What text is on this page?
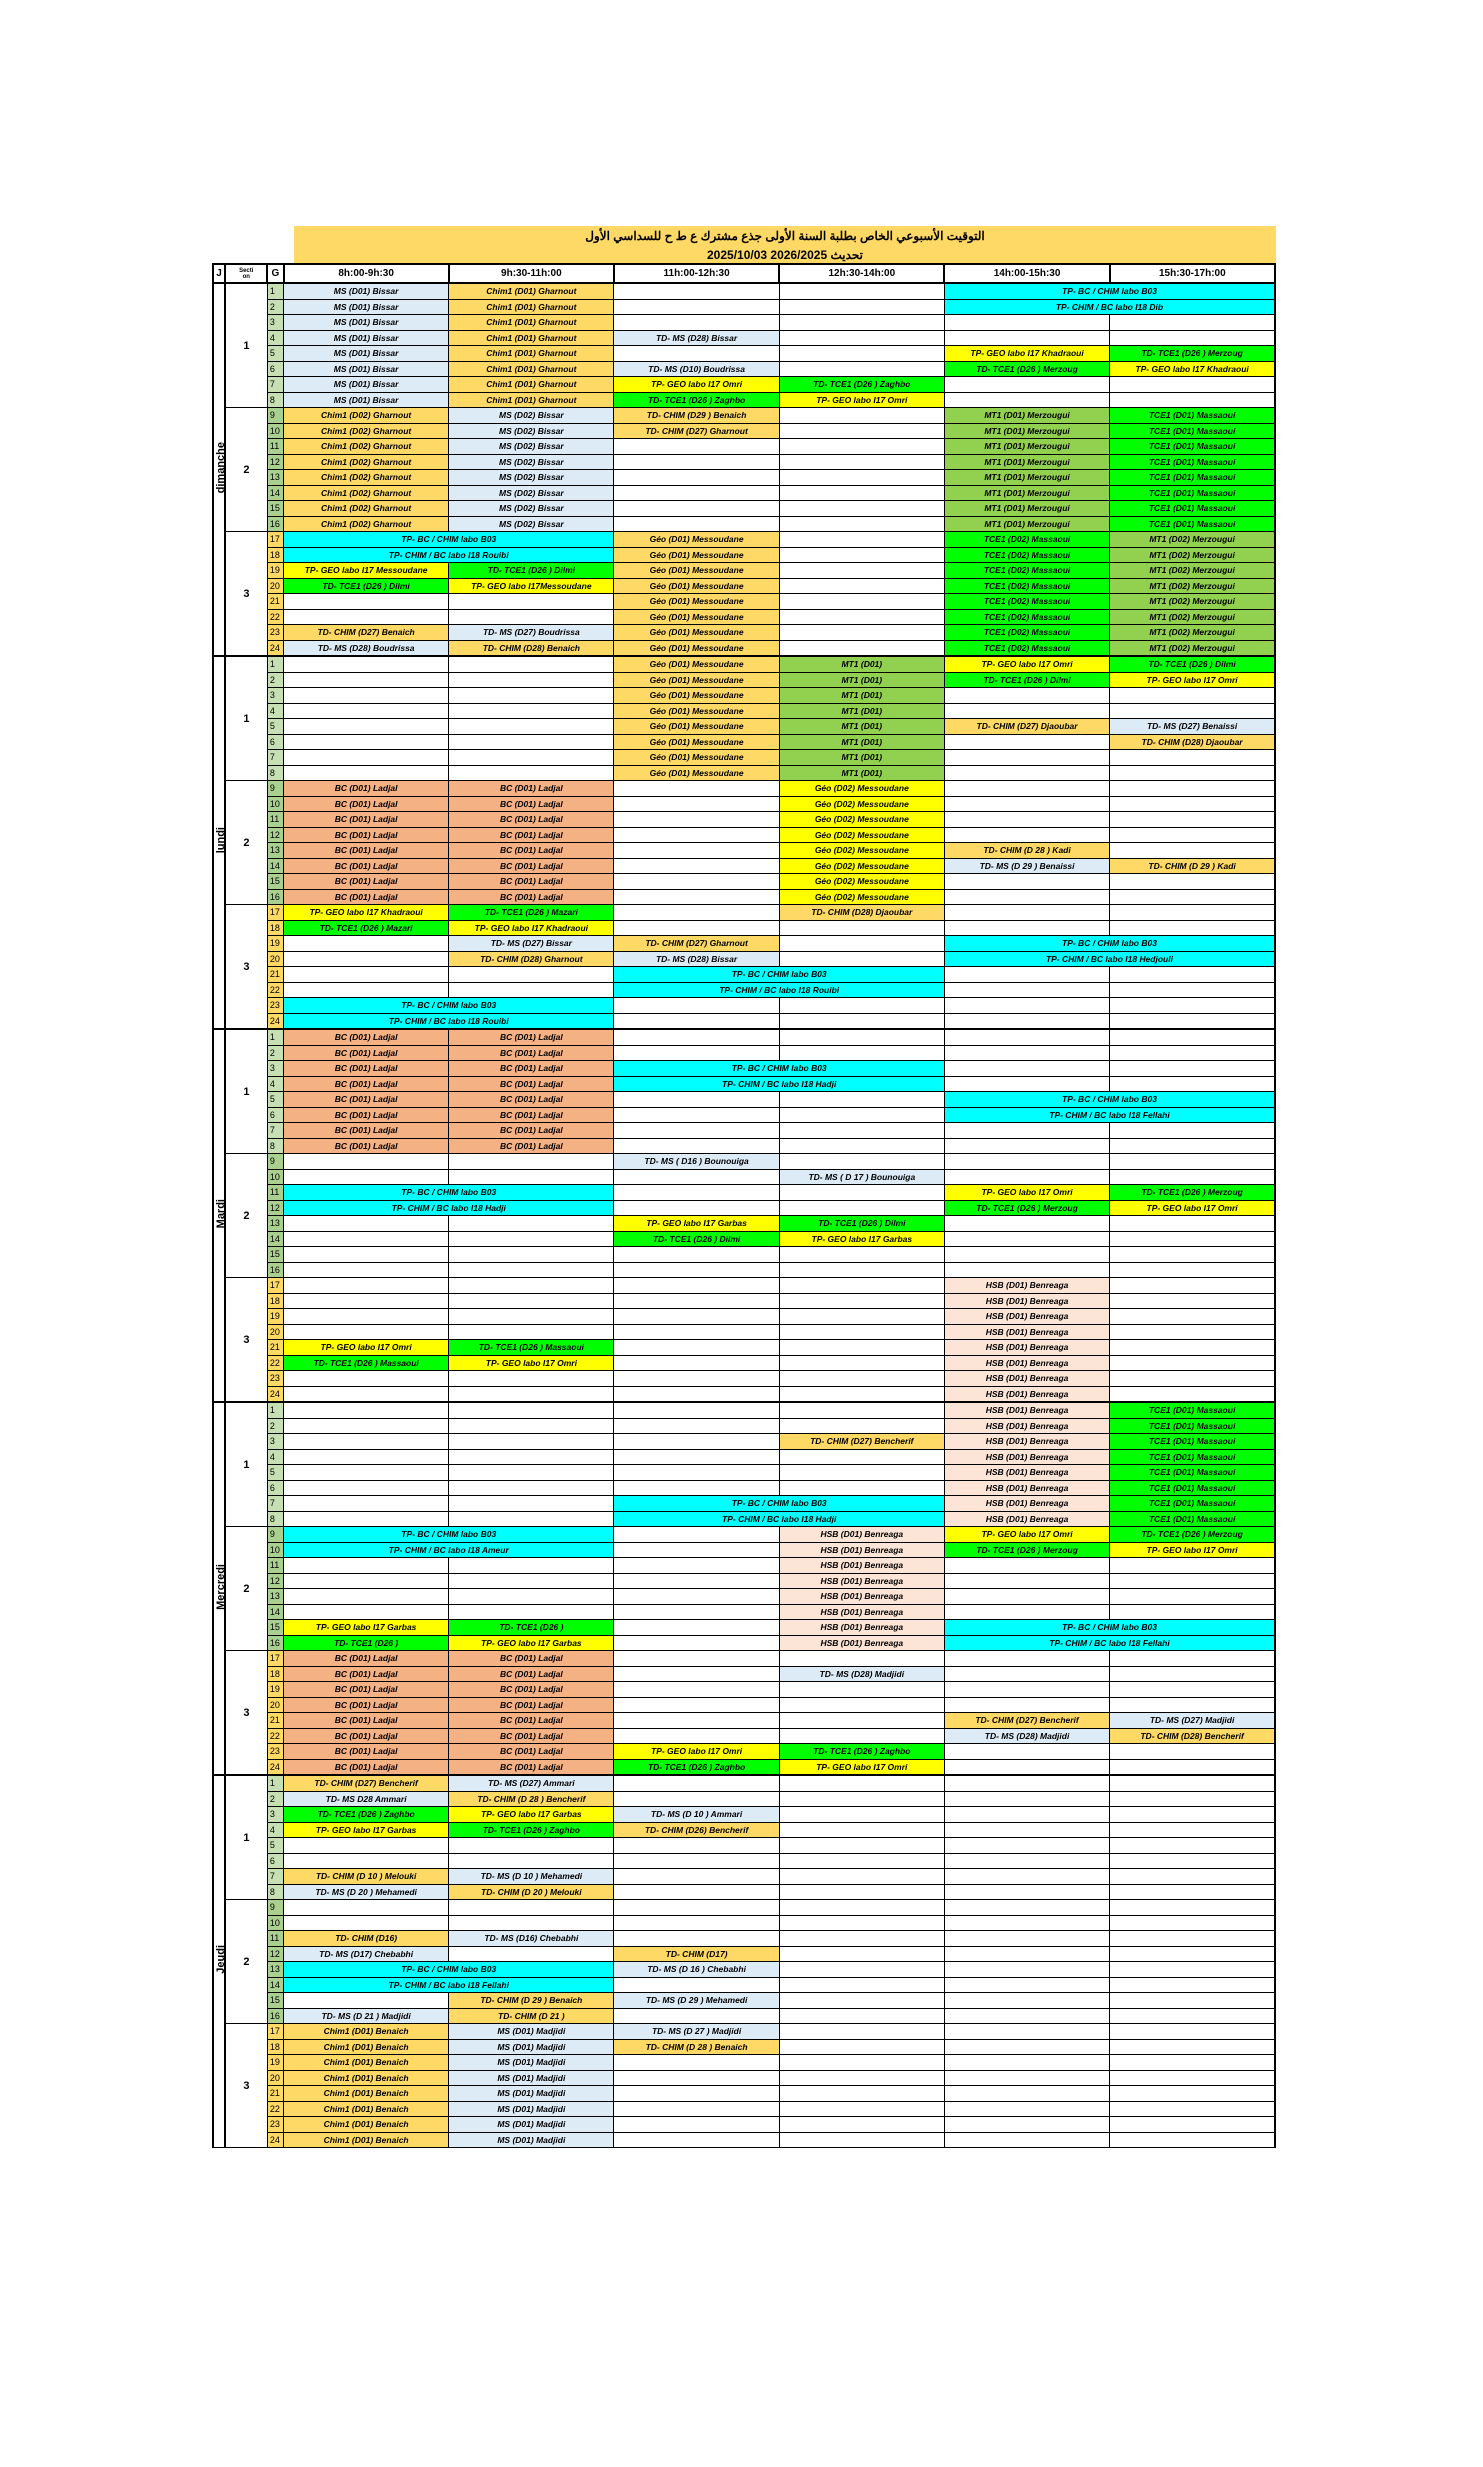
التوقيت الأسبوعي الخاص بطلبة السنة الأولى جذع مشترك ع ط ح للسداسي الأول
2025/10/03 تحديث 2026/2025
J	Secti
on	G	8h:00-9h:30	9h:30-11h:00	11h:00-12h:30	12h:30-14h:00	14h:00-15h:30	15h:30-17h:00
dimanche	1	1	MS (D01) Bissar	Chim1 (D01) Gharnout			TP- BC / CHIM labo B03	
		2	MS (D01) Bissar	Chim1 (D01) Gharnout			TP- CHIM / BC labo I18 Dib	
		3	MS (D01) Bissar	Chim1 (D01) Gharnout				
		4	MS (D01) Bissar	Chim1 (D01) Gharnout	TD- MS (D28) Bissar			
		5	MS (D01) Bissar	Chim1 (D01) Gharnout			TP- GEO labo I17 Khadraoui	TD- TCE1 (D26 ) Merzoug
		6	MS (D01) Bissar	Chim1 (D01) Gharnout	TD- MS (D10) Boudrissa		TD- TCE1 (D26 ) Merzoug	TP- GEO labo I17 Khadraoui
		7	MS (D01) Bissar	Chim1 (D01) Gharnout	TP- GEO labo I17 Omri	TD- TCE1 (D26 ) Zaghbo		
		8	MS (D01) Bissar	Chim1 (D01) Gharnout	TD- TCE1 (D26 ) Zaghbo	TP- GEO labo I17 Omri		
	2	9	Chim1 (D02) Gharnout	MS (D02) Bissar	TD- CHIM (D29 ) Benaich		MT1 (D01) Merzougui	TCE1 (D01) Massaoui
		10	Chim1 (D02) Gharnout	MS (D02) Bissar	TD- CHIM (D27) Gharnout		MT1 (D01) Merzougui	TCE1 (D01) Massaoui
		11	Chim1 (D02) Gharnout	MS (D02) Bissar			MT1 (D01) Merzougui	TCE1 (D01) Massaoui
		12	Chim1 (D02) Gharnout	MS (D02) Bissar			MT1 (D01) Merzougui	TCE1 (D01) Massaoui
		13	Chim1 (D02) Gharnout	MS (D02) Bissar			MT1 (D01) Merzougui	TCE1 (D01) Massaoui
		14	Chim1 (D02) Gharnout	MS (D02) Bissar			MT1 (D01) Merzougui	TCE1 (D01) Massaoui
		15	Chim1 (D02) Gharnout	MS (D02) Bissar			MT1 (D01) Merzougui	TCE1 (D01) Massaoui
		16	Chim1 (D02) Gharnout	MS (D02) Bissar			MT1 (D01) Merzougui	TCE1 (D01) Massaoui
	3	17	TP- BC / CHIM labo B03		Géo (D01) Messoudane		TCE1 (D02) Massaoui	MT1 (D02) Merzougui
		18	TP- CHIM / BC labo I18 Rouibi		Géo (D01) Messoudane		TCE1 (D02) Massaoui	MT1 (D02) Merzougui
		19	TP- GEO labo I17 Messoudane	TD- TCE1 (D26 ) Dilmi	Géo (D01) Messoudane		TCE1 (D02) Massaoui	MT1 (D02) Merzougui
		20	TD- TCE1 (D26 ) Dilmi	TP- GEO labo I17Messoudane	Géo (D01) Messoudane		TCE1 (D02) Massaoui	MT1 (D02) Merzougui
		21			Géo (D01) Messoudane		TCE1 (D02) Massaoui	MT1 (D02) Merzougui
		22			Géo (D01) Messoudane		TCE1 (D02) Massaoui	MT1 (D02) Merzougui
		23	TD- CHIM (D27) Benaich	TD- MS (D27) Boudrissa	Géo (D01) Messoudane		TCE1 (D02) Massaoui	MT1 (D02) Merzougui
		24	TD- MS (D28) Boudrissa	TD- CHIM (D28) Benaich	Géo (D01) Messoudane		TCE1 (D02) Massaoui	MT1 (D02) Merzougui
lundi	1	1			Géo (D01) Messoudane	MT1 (D01)	TP- GEO labo I17 Omri	TD- TCE1 (D26 ) Dilmi
		2			Géo (D01) Messoudane	MT1 (D01)	TD- TCE1 (D26 ) Dilmi	TP- GEO labo I17 Omri
		3			Géo (D01) Messoudane	MT1 (D01)		
		4			Géo (D01) Messoudane	MT1 (D01)		
		5			Géo (D01) Messoudane	MT1 (D01)	TD- CHIM (D27) Djaoubar	TD- MS (D27) Benaissi
		6			Géo (D01) Messoudane	MT1 (D01)		TD- CHIM (D28) Djaoubar
		7			Géo (D01) Messoudane	MT1 (D01)		
		8			Géo (D01) Messoudane	MT1 (D01)		
	2	9	BC (D01) Ladjal	BC (D01) Ladjal		Géo (D02) Messoudane		
		10	BC (D01) Ladjal	BC (D01) Ladjal		Géo (D02) Messoudane		
		11	BC (D01) Ladjal	BC (D01) Ladjal		Géo (D02) Messoudane		
		12	BC (D01) Ladjal	BC (D01) Ladjal		Géo (D02) Messoudane		
		13	BC (D01) Ladjal	BC (D01) Ladjal		Géo (D02) Messoudane	TD- CHIM (D 28 ) Kadi	
		14	BC (D01) Ladjal	BC (D01) Ladjal		Géo (D02) Messoudane	TD- MS (D 29 ) Benaissi	TD- CHIM (D 29 ) Kadi
		15	BC (D01) Ladjal	BC (D01) Ladjal		Géo (D02) Messoudane		
		16	BC (D01) Ladjal	BC (D01) Ladjal		Géo (D02) Messoudane		
	3	17	TP- GEO labo I17 Khadraoui	TD- TCE1 (D26 ) Mazari		TD- CHIM (D28) Djaoubar		
		18	TD- TCE1 (D26 ) Mazari	TP- GEO labo I17 Khadraoui				
		19		TD- MS (D27) Bissar	TD- CHIM (D27) Gharnout		TP- BC / CHIM labo B03	
		20		TD- CHIM (D28) Gharnout	TD- MS (D28) Bissar		TP- CHIM / BC labo I18 Hedjouli	
		21			TP- BC / CHIM labo B03			
		22			TP- CHIM / BC labo I18 Rouibi			
		23	TP- BC / CHIM labo B03					
		24	TP- CHIM / BC labo I18 Rouibi					
Mardi	1	1	BC (D01) Ladjal	BC (D01) Ladjal				
		2	BC (D01) Ladjal	BC (D01) Ladjal				
		3	BC (D01) Ladjal	BC (D01) Ladjal	TP- BC / CHIM labo B03			
		4	BC (D01) Ladjal	BC (D01) Ladjal	TP- CHIM / BC labo I18 Hadji			
		5	BC (D01) Ladjal	BC (D01) Ladjal			TP- BC / CHIM labo B03	
		6	BC (D01) Ladjal	BC (D01) Ladjal			TP- CHIM / BC labo I18 Fellahi	
		7	BC (D01) Ladjal	BC (D01) Ladjal				
		8	BC (D01) Ladjal	BC (D01) Ladjal				
	2	9			TD- MS ( D16 ) Bounouiga			
		10				TD- MS ( D 17 ) Bounouiga		
		11	TP- BC / CHIM labo B03				TP- GEO labo I17 Omri	TD- TCE1 (D26 ) Merzoug
		12	TP- CHIM / BC labo I18 Hadji				TD- TCE1 (D26 ) Merzoug	TP- GEO labo I17 Omri
		13			TP- GEO labo I17 Garbas	TD- TCE1 (D26 ) Dilmi		
		14			TD- TCE1 (D26 ) Dilmi	TP- GEO labo I17 Garbas		
		15						
		16						
	3	17					HSB (D01) Benreaga	
		18					HSB (D01) Benreaga	
		19					HSB (D01) Benreaga	
		20					HSB (D01) Benreaga	
		21	TP- GEO labo I17 Omri	TD- TCE1 (D26 ) Massaoui			HSB (D01) Benreaga	
		22	TD- TCE1 (D26 ) Massaoui	TP- GEO labo I17 Omri			HSB (D01) Benreaga	
		23					HSB (D01) Benreaga	
		24					HSB (D01) Benreaga	
Mercredi	1	1					HSB (D01) Benreaga	TCE1 (D01) Massaoui
		2					HSB (D01) Benreaga	TCE1 (D01) Massaoui
		3				TD- CHIM (D27) Bencherif	HSB (D01) Benreaga	TCE1 (D01) Massaoui
		4					HSB (D01) Benreaga	TCE1 (D01) Massaoui
		5					HSB (D01) Benreaga	TCE1 (D01) Massaoui
		6					HSB (D01) Benreaga	TCE1 (D01) Massaoui
		7			TP- BC / CHIM labo B03		HSB (D01) Benreaga	TCE1 (D01) Massaoui
		8			TP- CHIM / BC labo I18 Hadji		HSB (D01) Benreaga	TCE1 (D01) Massaoui
	2	9	TP- BC / CHIM labo B03			HSB (D01) Benreaga	TP- GEO labo I17 Omri	TD- TCE1 (D26 ) Merzoug
		10	TP- CHIM / BC labo I18 Ameur			HSB (D01) Benreaga	TD- TCE1 (D26 ) Merzoug	TP- GEO labo I17 Omri
		11				HSB (D01) Benreaga		
		12				HSB (D01) Benreaga		
		13				HSB (D01) Benreaga		
		14				HSB (D01) Benreaga		
		15	TP- GEO labo I17 Garbas	TD- TCE1 (D26 )		HSB (D01) Benreaga	TP- BC / CHIM labo B03	
		16	TD- TCE1 (D26 )	TP- GEO labo I17 Garbas		HSB (D01) Benreaga	TP- CHIM / BC labo I18 Fellahi	
	3	17	BC (D01) Ladjal	BC (D01) Ladjal				
		18	BC (D01) Ladjal	BC (D01) Ladjal		TD- MS (D28) Madjidi		
		19	BC (D01) Ladjal	BC (D01) Ladjal				
		20	BC (D01) Ladjal	BC (D01) Ladjal				
		21	BC (D01) Ladjal	BC (D01) Ladjal			TD- CHIM (D27) Bencherif	TD- MS (D27) Madjidi
		22	BC (D01) Ladjal	BC (D01) Ladjal			TD- MS (D28) Madjidi	TD- CHIM (D28) Bencherif
		23	BC (D01) Ladjal	BC (D01) Ladjal	TP- GEO labo I17 Omri	TD- TCE1 (D26 ) Zaghbo		
		24	BC (D01) Ladjal	BC (D01) Ladjal	TD- TCE1 (D26 ) Zaghbo	TP- GEO labo I17 Omri		
Jeudi	1	1	TD- CHIM (D27) Bencherif	TD- MS (D27) Ammari				
		2	TD- MS D28 Ammari	TD- CHIM (D 28 ) Bencherif				
		3	TD- TCE1 (D26 ) Zaghbo	TP- GEO labo I17 Garbas	TD- MS (D 10 ) Ammari			
		4	TP- GEO labo I17 Garbas	TD- TCE1 (D26 ) Zaghbo	TD- CHIM (D26) Bencherif			
		5						
		6						
		7	TD- CHIM (D 10 ) Melouki	TD- MS (D 10 ) Mehamedi				
		8	TD- MS (D 20 ) Mehamedi	TD- CHIM (D 20 ) Melouki				
	2	9						
		10						
		11	TD- CHIM (D16)	TD- MS (D16) Chebabhi				
		12	TD- MS (D17) Chebabhi		TD- CHIM (D17)			
		13	TP- BC / CHIM labo B03		TD- MS (D 16 ) Chebabhi			
		14	TP- CHIM / BC labo I18 Fellahi					
		15		TD- CHIM (D 29 ) Benaich	TD- MS (D 29 ) Mehamedi			
		16	TD- MS (D 21 ) Madjidi	TD- CHIM (D 21 )				
	3	17	Chim1 (D01) Benaich	MS (D01) Madjidi	TD- MS (D 27 ) Madjidi			
		18	Chim1 (D01) Benaich	MS (D01) Madjidi	TD- CHIM (D 28 ) Benaich			
		19	Chim1 (D01) Benaich	MS (D01) Madjidi				
		20	Chim1 (D01) Benaich	MS (D01) Madjidi				
		21	Chim1 (D01) Benaich	MS (D01) Madjidi				
		22	Chim1 (D01) Benaich	MS (D01) Madjidi				
		23	Chim1 (D01) Benaich	MS (D01) Madjidi				
		24	Chim1 (D01) Benaich	MS (D01) Madjidi				
